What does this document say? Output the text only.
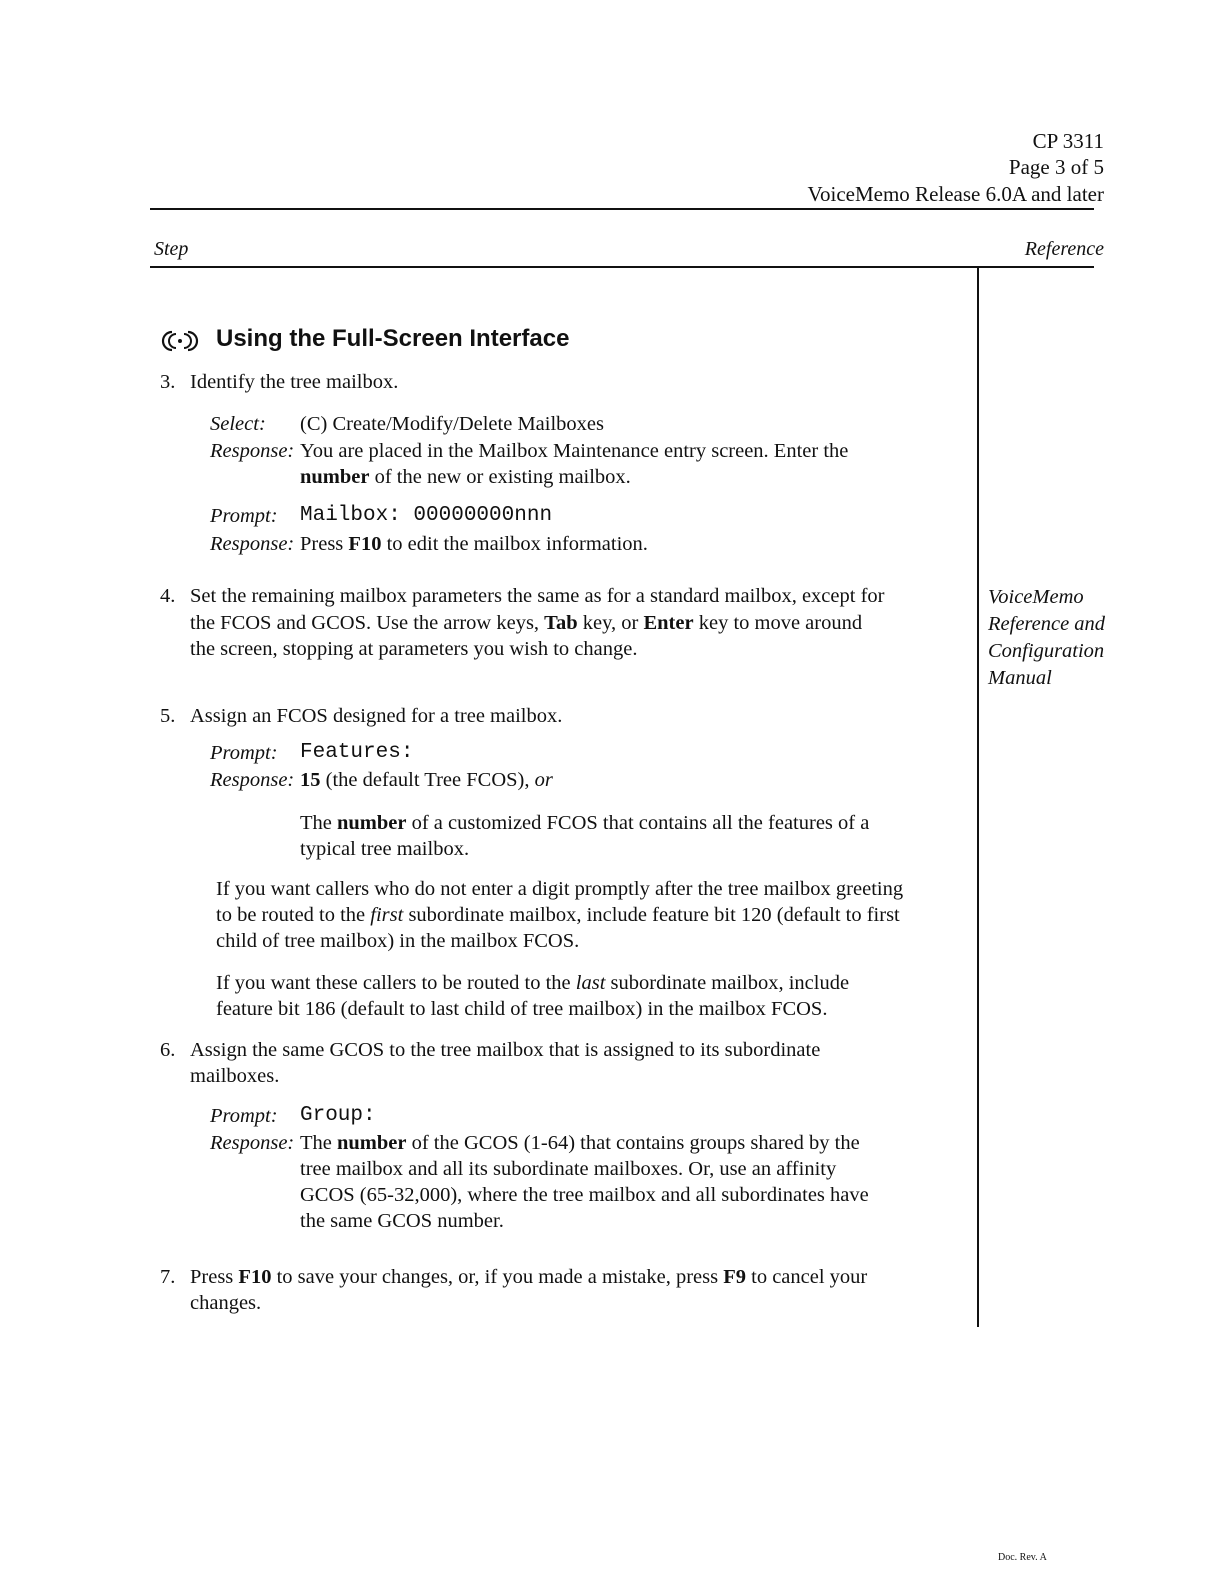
CP 3311
Page 3 of 5
VoiceMemo Release 6.0A and later
Step	Reference
Using the Full-Screen Interface
3. Identify the tree mailbox.
Select: (C) Create/Modify/Delete Mailboxes
Response: You are placed in the Mailbox Maintenance entry screen. Enter the
number of the new or existing mailbox.
Prompt: Mailbox: 00000000nnn
Response: Press F10 to edit the mailbox information.
4. Set the remaining mailbox parameters the same as for a standard mailbox, except for
the FCOS and GCOS. Use the arrow keys, Tab key, or Enter key to move around
the screen, stopping at parameters you wish to change.
VoiceMemo
Reference and
Configuration
Manual
5. Assign an FCOS designed for a tree mailbox.
Prompt: Features:
Response: 15 (the default Tree FCOS), or
The number of a customized FCOS that contains all the features of a
typical tree mailbox.
If you want callers who do not enter a digit promptly after the tree mailbox greeting
to be routed to the first subordinate mailbox, include feature bit 120 (default to first
child of tree mailbox) in the mailbox FCOS.
If you want these callers to be routed to the last subordinate mailbox, include
feature bit 186 (default to last child of tree mailbox) in the mailbox FCOS.
6. Assign the same GCOS to the tree mailbox that is assigned to its subordinate
mailboxes.
Prompt: Group:
Response: The number of the GCOS (1-64) that contains groups shared by the
tree mailbox and all its subordinate mailboxes. Or, use an affinity
GCOS (65-32,000), where the tree mailbox and all subordinates have
the same GCOS number.
7. Press F10 to save your changes, or, if you made a mistake, press F9 to cancel your
changes.
Doc. Rev. A
